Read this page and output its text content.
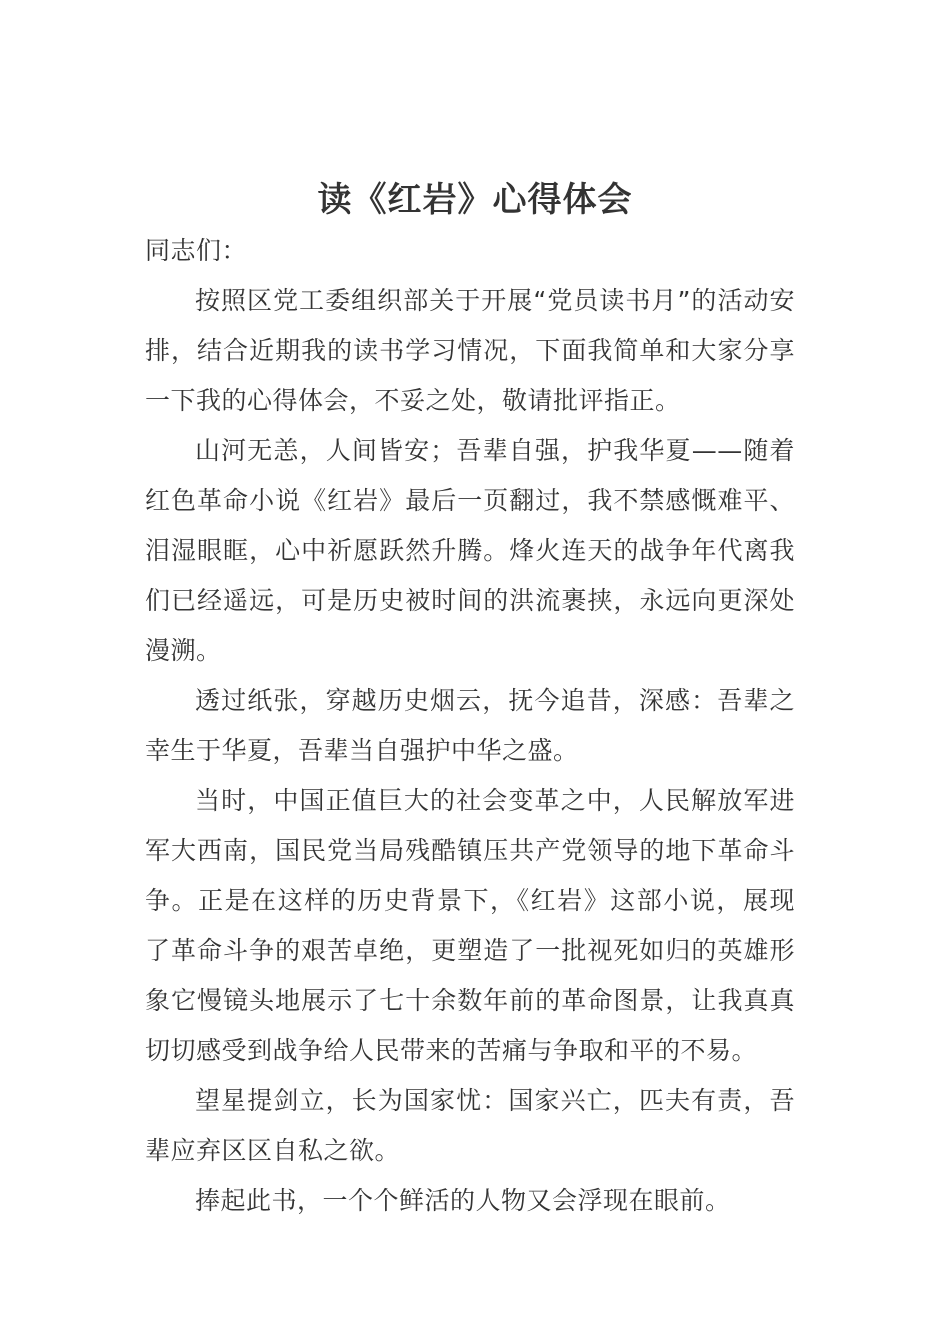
读《红岩》心得体会

同志们：

按照区党工委组织部关于开展“党员读书月”的活动安排，结合近期我的读书学习情况，下面我简单和大家分享一下我的心得体会，不妥之处，敬请批评指正。

山河无恙，人间皆安；吾辈自强，护我华夏——随着红色革命小说《红岩》最后一页翻过，我不禁感慨难平、泪湿眼眶，心中祈愿跃然升腾。烽火连天的战争年代离我们已经遥远，可是历史被时间的洪流裹挟，永远向更深处漫溯。

透过纸张，穿越历史烟云，抚今追昔，深感：吾辈之幸生于华夏，吾辈当自强护中华之盛。

当时，中国正值巨大的社会变革之中，人民解放军进军大西南，国民党当局残酷镇压共产党领导的地下革命斗争。正是在这样的历史背景下，《红岩》这部小说，展现了革命斗争的艰苦卓绝，更塑造了一批视死如归的英雄形象它慢镜头地展示了七十余数年前的革命图景，让我真真切切感受到战争给人民带来的苦痛与争取和平的不易。

望星提剑立，长为国家忧：国家兴亡，匹夫有责，吾辈应弃区区自私之欲。

捧起此书，一个个鲜活的人物又会浮现在眼前。
